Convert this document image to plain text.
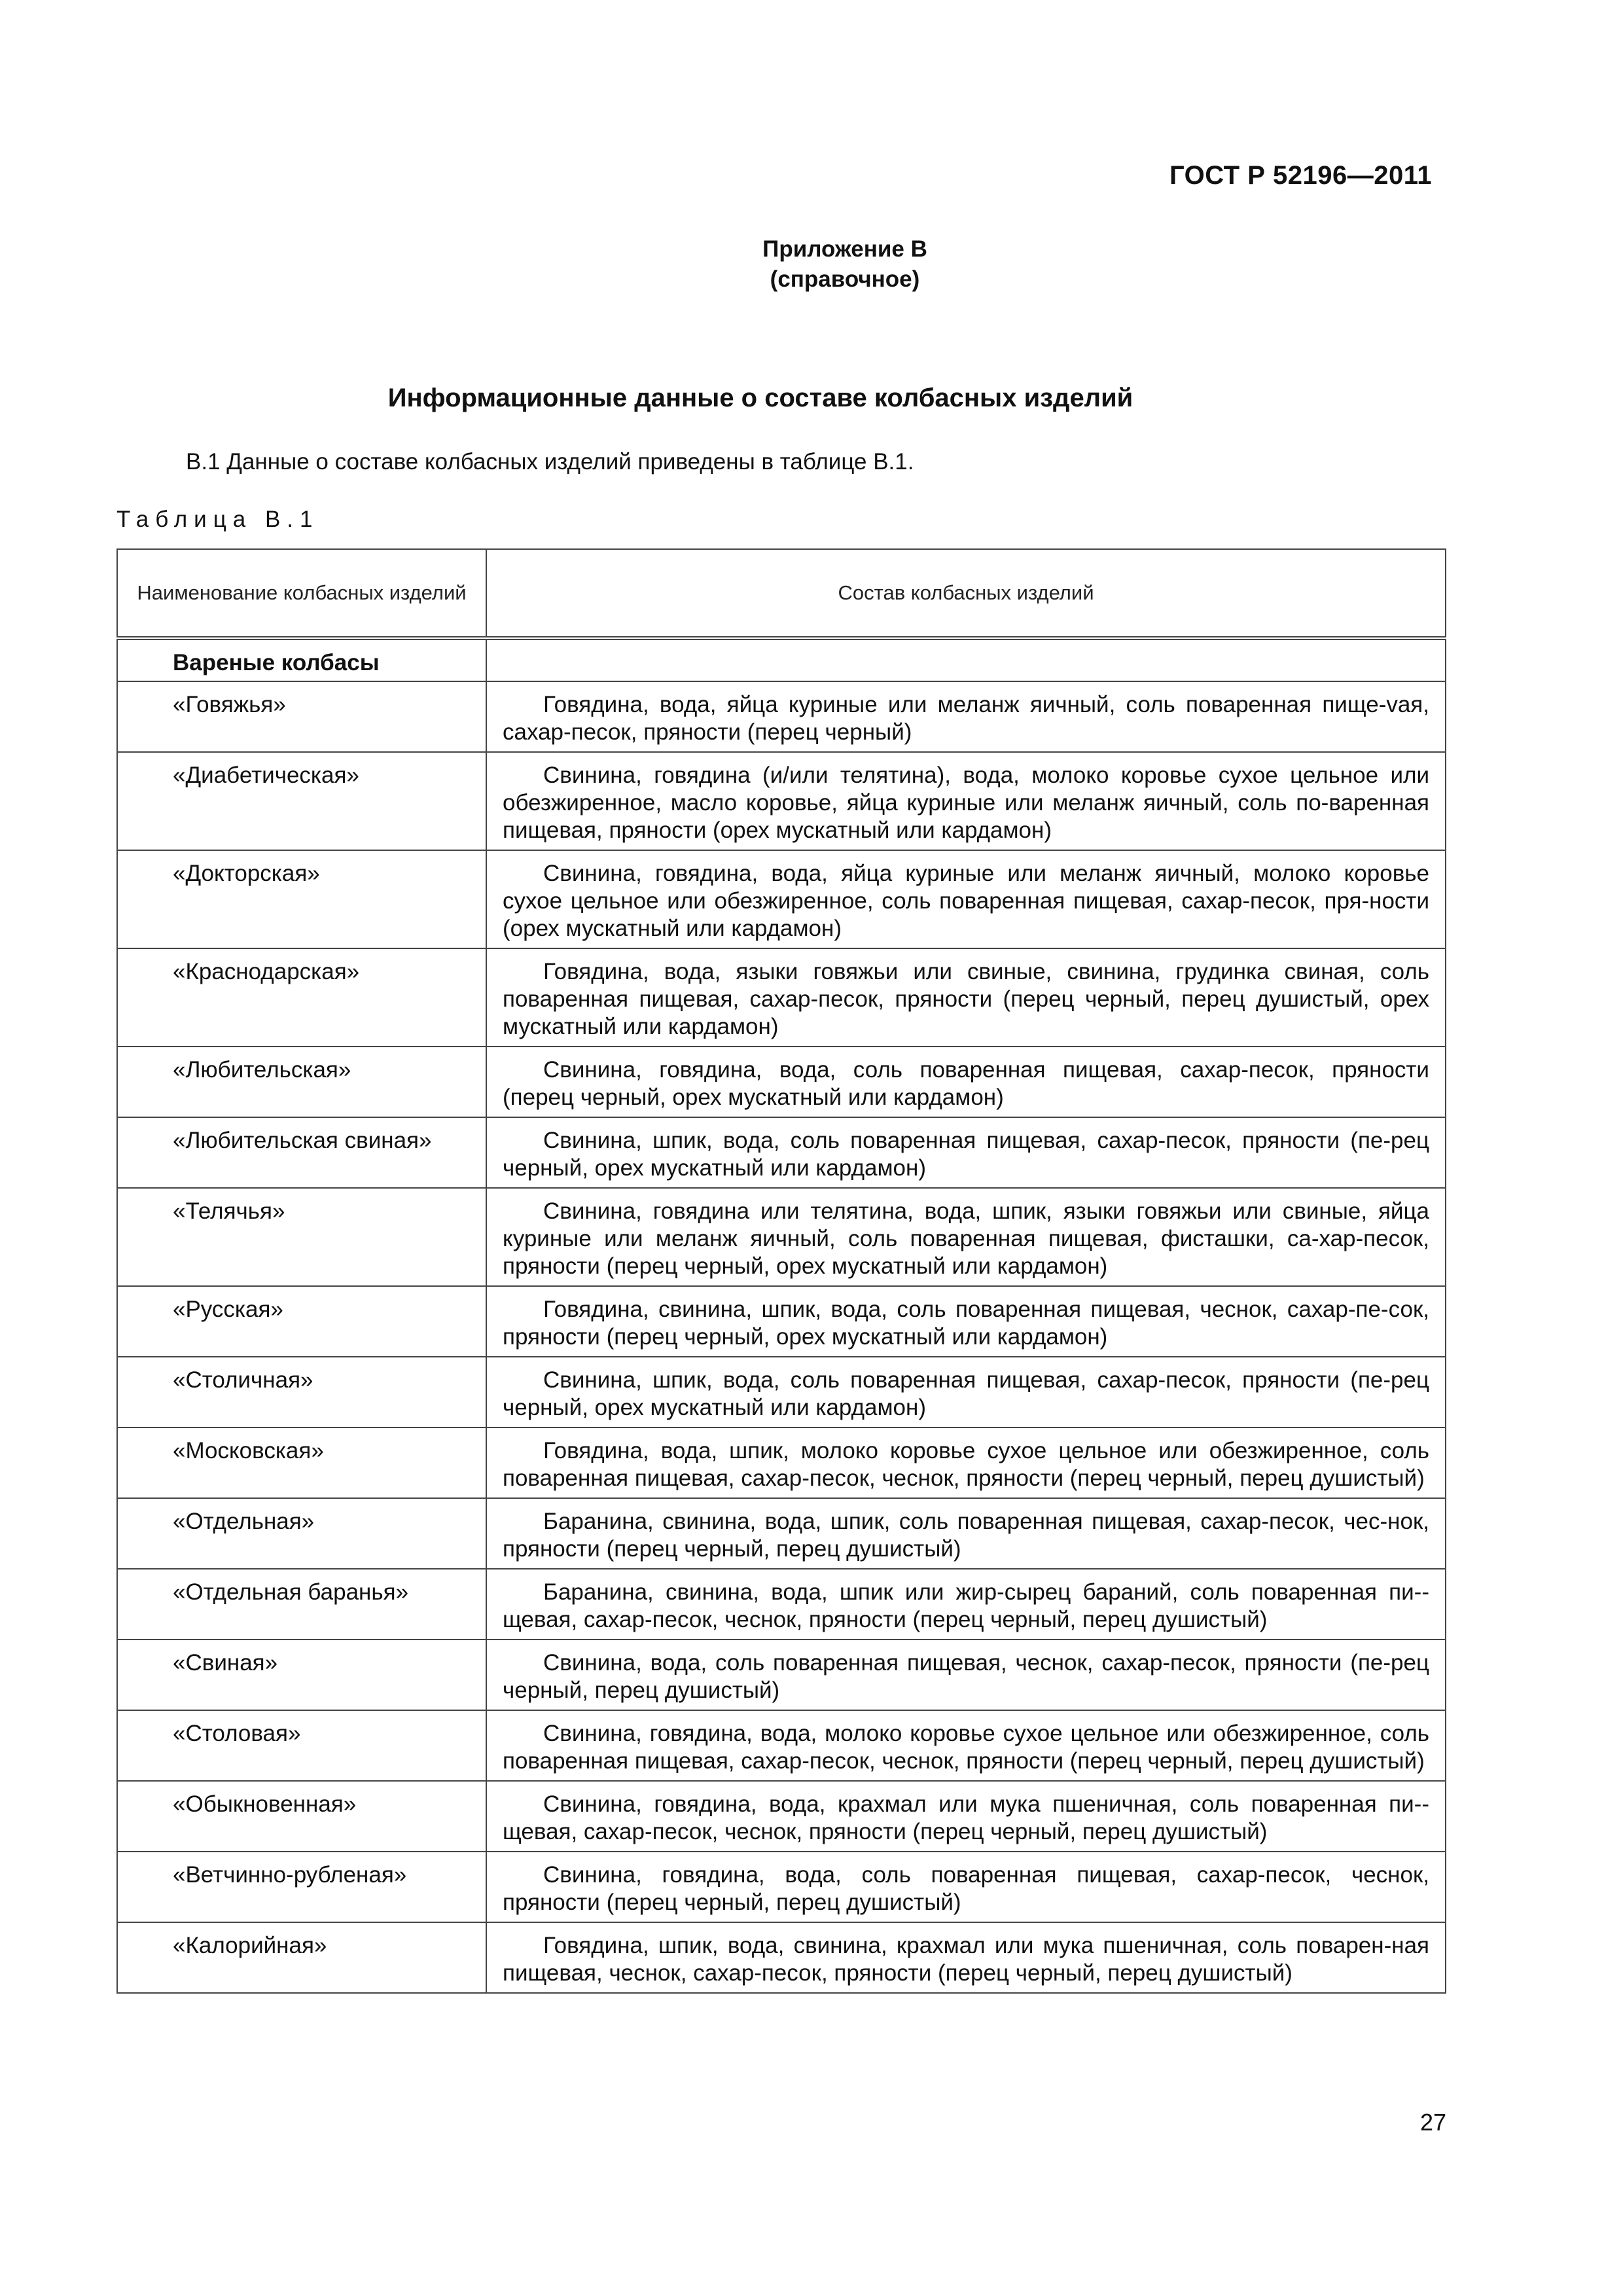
ГОСТ Р 52196—2011
Приложение В
(справочное)
Информационные данные о составе колбасных изделий
В.1 Данные о составе колбасных изделий приведены в таблице В.1.
Таблица В.1
Наименование колбасных изделий	Состав колбасных изделий
Вареные колбасы	
«Говяжья»	Говядина, вода, яйца куриные или меланж яичный, соль поваренная пище-vая, сахар-песок, пряности (перец черный)
«Диабетическая»	Свинина, говядина (и/или телятина), вода, молоко коровье сухое цельное или обезжиренное, масло коровье, яйца куриные или меланж яичный, соль по-варенная пищевая, пряности (орех мускатный или кардамон)
«Докторская»	Свинина, говядина, вода, яйца куриные или меланж яичный, молоко коровье сухое цельное или обезжиренное, соль поваренная пищевая, сахар-песок, пря-ности (орех мускатный или кардамон)
«Краснодарская»	Говядина, вода, языки говяжьи или свиные, свинина, грудинка свиная, соль поваренная пищевая, сахар-песок, пряности (перец черный, перец душистый, орех мускатный или кардамон)
«Любительская»	Свинина, говядина, вода, соль поваренная пищевая, сахар-песок, пряности (перец черный, орех мускатный или кардамон)
«Любительская свиная»	Свинина, шпик, вода, соль поваренная пищевая, сахар-песок, пряности (пе-рец черный, орех мускатный или кардамон)
«Телячья»	Свинина, говядина или телятина, вода, шпик, языки говяжьи или свиные, яйца куриные или меланж яичный, соль поваренная пищевая, фисташки, са-хар-песок, пряности (перец черный, орех мускатный или кардамон)
«Русская»	Говядина, свинина, шпик, вода, соль поваренная пищевая, чеснок, сахар-пе-сок, пряности (перец черный, орех мускатный или кардамон)
«Столичная»	Свинина, шпик, вода, соль поваренная пищевая, сахар-песок, пряности (пе-рец черный, орех мускатный или кардамон)
«Московская»	Говядина, вода, шпик, молоко коровье сухое цельное или обезжиренное, соль поваренная пищевая, сахар-песок, чеснок, пряности (перец черный, перец душистый)
«Отдельная»	Баранина, свинина, вода, шпик, соль поваренная пищевая, сахар-песок, чес-нок, пряности (перец черный, перец душистый)
«Отдельная баранья»	Баранина, свинина, вода, шпик или жир-сырец бараний, соль поваренная пи-щевая, сахар-песок, чеснок, пряности (перец черный, перец душистый)
«Свиная»	Свинина, вода, соль поваренная пищевая, чеснок, сахар-песок, пряности (пе-рец черный, перец душистый)
«Столовая»	Свинина, говядина, вода, молоко коровье сухое цельное или обезжиренное, соль поваренная пищевая, сахар-песок, чеснок, пряности (перец черный, перец душистый)
«Обыкновенная»	Свинина, говядина, вода, крахмал или мука пшеничная, соль поваренная пи-щевая, сахар-песок, чеснок, пряности (перец черный, перец душистый)
«Ветчинно-рубленая»	Свинина, говядина, вода, соль поваренная пищевая, сахар-песок, чеснок, пряности (перец черный, перец душистый)
«Калорийная»	Говядина, шпик, вода, свинина, крахмал или мука пшеничная, соль поварен-ная пищевая, чеснок, сахар-песок, пряности (перец черный, перец душистый)
27
